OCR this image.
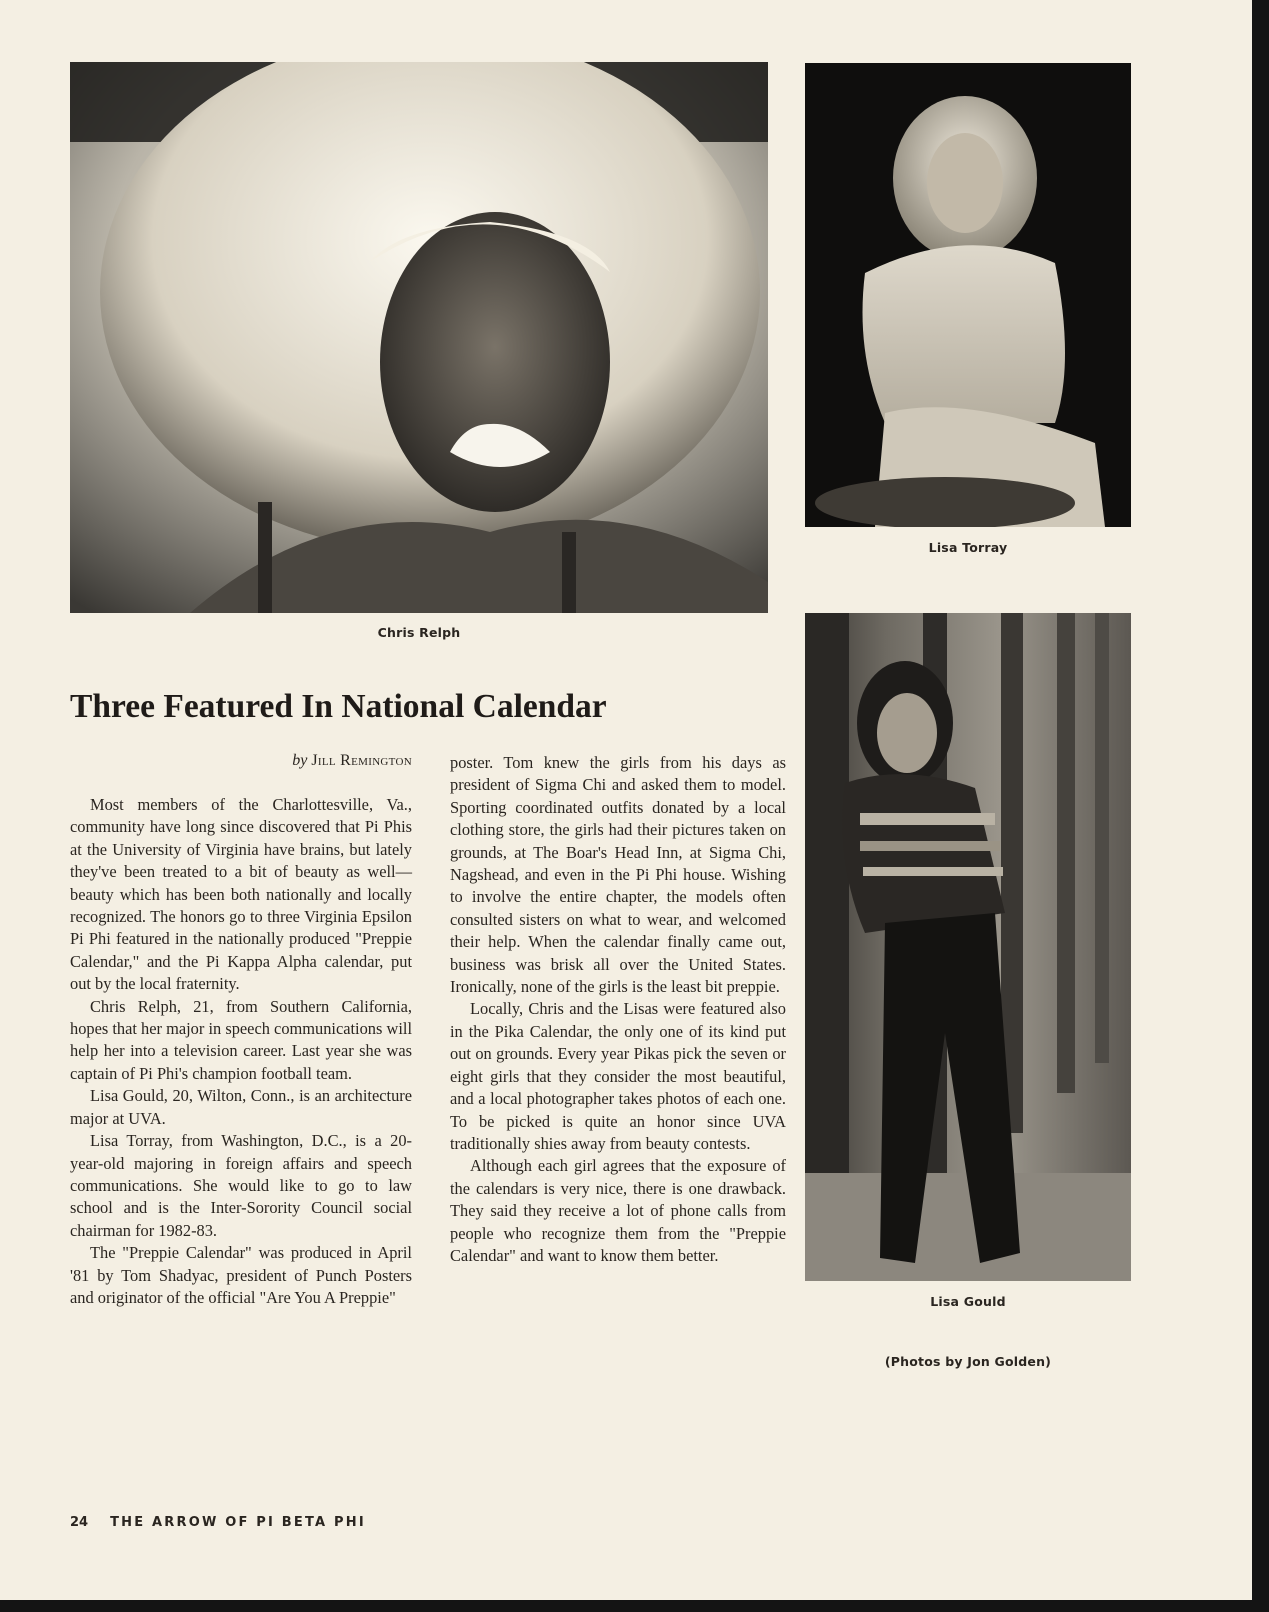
Chris Relph
Lisa Torray
Lisa Gould
(Photos by Jon Golden)
Three Featured In National Calendar
by Jill Remington

Most members of the Charlottesville, Va., community have long since discovered that Pi Phis at the University of Virginia have brains, but lately they've been treated to a bit of beauty as well—beauty which has been both nationally and locally recognized. The honors go to three Virginia Epsilon Pi Phi featured in the nationally produced "Preppie Calendar," and the Pi Kappa Alpha calendar, put out by the local fraternity.

Chris Relph, 21, from Southern California, hopes that her major in speech communications will help her into a television career. Last year she was captain of Pi Phi's champion football team.

Lisa Gould, 20, Wilton, Conn., is an architecture major at UVA.

Lisa Torray, from Washington, D.C., is a 20-year-old majoring in foreign affairs and speech communications. She would like to go to law school and is the Inter-Sorority Council social chairman for 1982-83.

The "Preppie Calendar" was produced in April '81 by Tom Shadyac, president of Punch Posters and originator of the official "Are You A Preppie"

poster. Tom knew the girls from his days as president of Sigma Chi and asked them to model. Sporting coordinated outfits donated by a local clothing store, the girls had their pictures taken on grounds, at The Boar's Head Inn, at Sigma Chi, Nagshead, and even in the Pi Phi house. Wishing to involve the entire chapter, the models often consulted sisters on what to wear, and welcomed their help. When the calendar finally came out, business was brisk all over the United States. Ironically, none of the girls is the least bit preppie.

Locally, Chris and the Lisas were featured also in the Pika Calendar, the only one of its kind put out on grounds. Every year Pikas pick the seven or eight girls that they consider the most beautiful, and a local photographer takes photos of each one. To be picked is quite an honor since UVA traditionally shies away from beauty contests.

Although each girl agrees that the exposure of the calendars is very nice, there is one drawback. They said they receive a lot of phone calls from people who recognize them from the "Preppie Calendar" and want to know them better.

24 THE ARROW OF PI BETA PHI
